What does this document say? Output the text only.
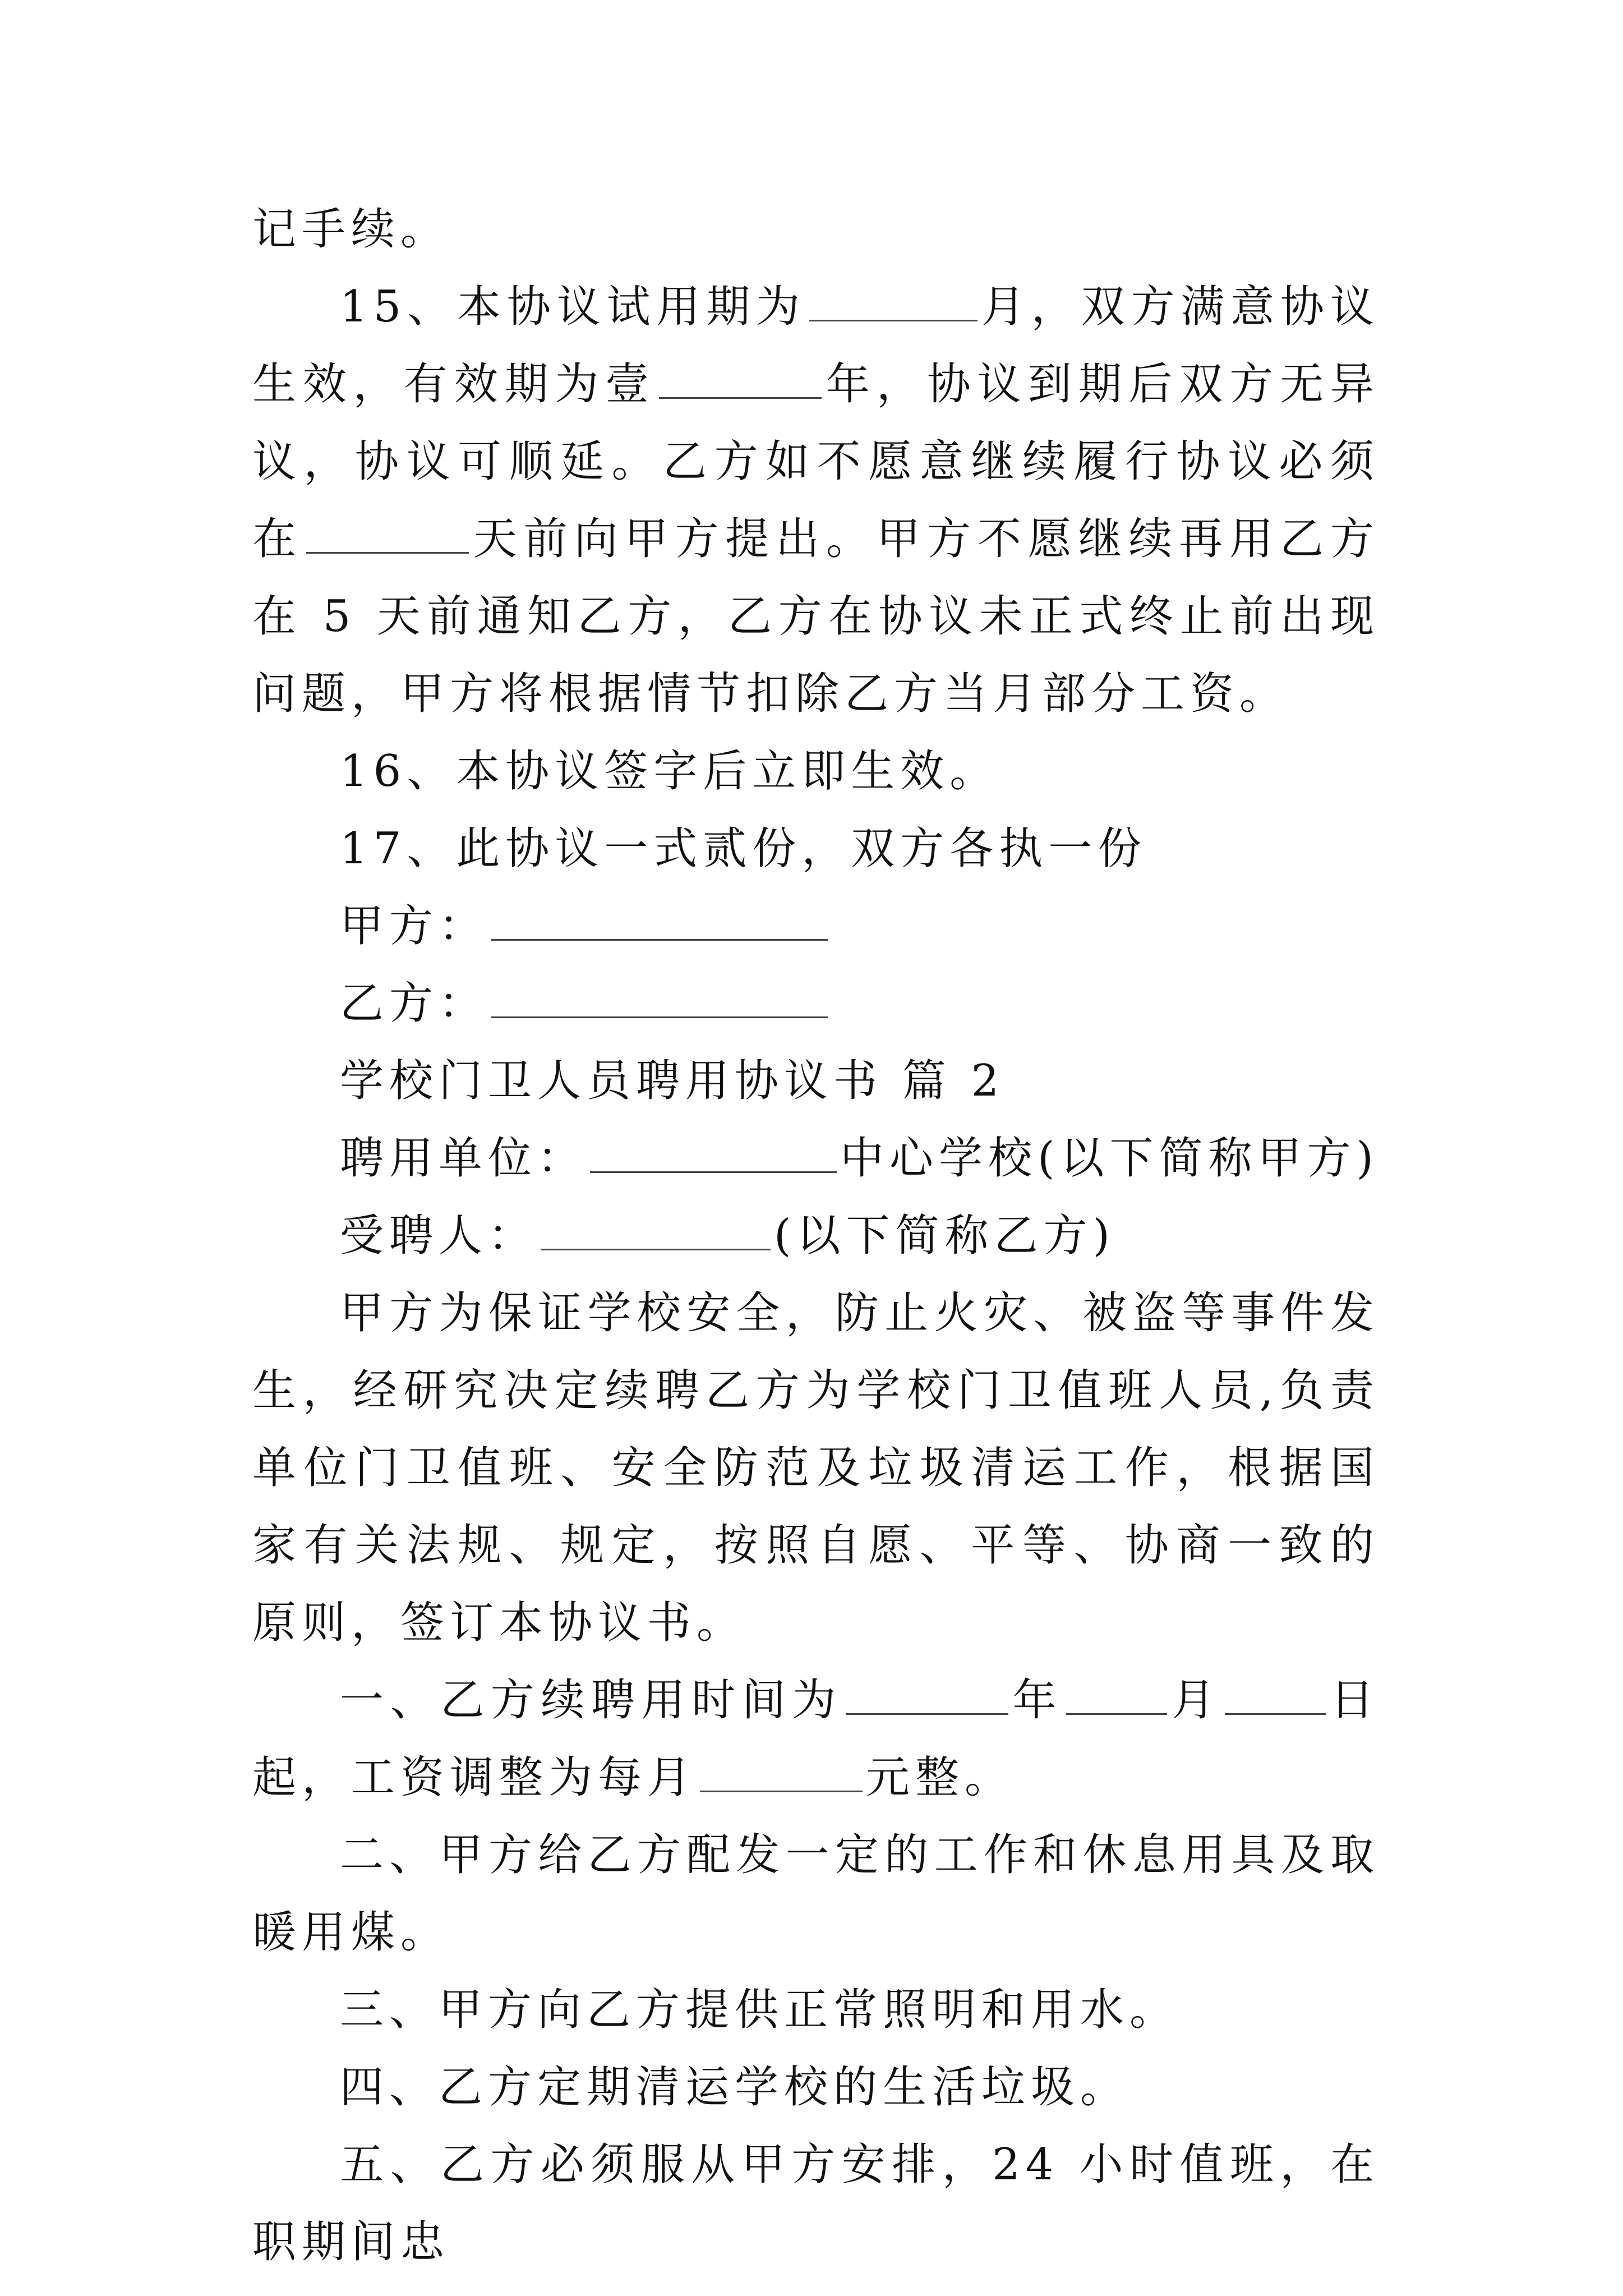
记手续。

15、本协议试用期为	月，双方满意协议生效，有效期为壹	年，协议到期后双方无异议，协议可顺延。乙方如不愿意继续履行协议必须在	天前向甲方提出。甲方不愿继续再用乙方在 5 天前通知乙方，乙方在协议未正式终止前出现问题，甲方将根据情节扣除乙方当月部分工资。

16、本协议签字后立即生效。

17、此协议一式贰份，双方各执一份

甲方：

乙方：

学校门卫人员聘用协议书 篇 2

聘用单位：	中心学校(以下简称甲方)

受聘人：	(以下简称乙方)

甲方为保证学校安全，防止火灾、被盗等事件发生，经研究决定续聘乙方为学校门卫值班人员,负责单位门卫值班、安全防范及垃圾清运工作，根据国家有关法规、规定，按照自愿、平等、协商一致的原则，签订本协议书。

一、乙方续聘用时间为	年 月 日起，工资调整为每月	元整。

二、甲方给乙方配发一定的工作和休息用具及取暖用煤。

三、甲方向乙方提供正常照明和用水。

四、乙方定期清运学校的生活垃圾。

五、乙方必须服从甲方安排，24 小时值班，在职期间忠
